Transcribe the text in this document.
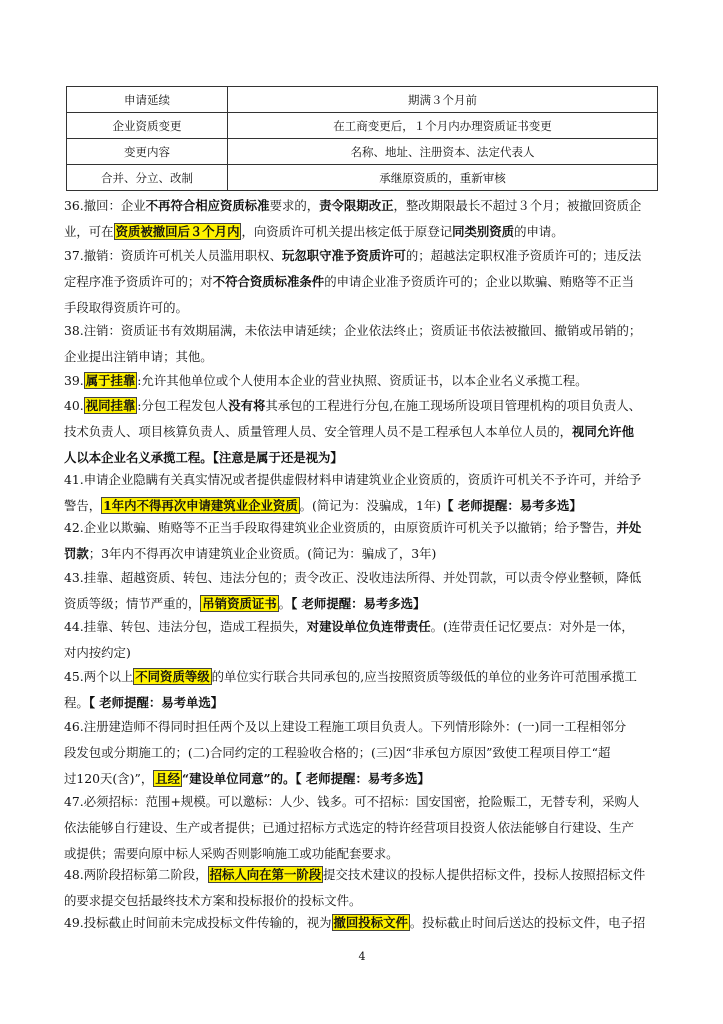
申请延续	期满３个月前
企业资质变更	在工商变更后，１个月内办理资质证书变更
变更内容	名称、地址、注册资本、法定代表人
合并、分立、改制	承继原资质的，重新审核
36.撤回：企业不再符合相应资质标准要求的，责令限期改正，整改期限最长不超过３个月；被撤回资质企
业，可在 资质被撤回后３个月内 ，向资质许可机关提出核定低于原登记同类别资质的申请。
37.撤销：资质许可机关人员滥用职权、玩忽职守准予资质许可的；超越法定职权准予资质许可的；违反法
定程序准予资质许可的；对不符合资质标准条件的申请企业准予资质许可的；企业以欺骗、贿赂等不正当
手段取得资质许可的。
38.注销：资质证书有效期届满，未依法申请延续；企业依法终止；资质证书依法被撤回、撤销或吊销的；
企业提出注销申请；其他。
39. 属于挂靠 :允许其他单位或个人使用本企业的营业执照、资质证书，以本企业名义承揽工程。
40. 视同挂靠 :分包工程发包人没有将其承包的工程进行分包,在施工现场所设项目管理机构的项目负责人、
技术负责人、项目核算负责人、质量管理人员、安全管理人员不是工程承包人本单位人员的，视同允许他
人以本企业名义承揽工程。【注意是属于还是视为】
41.申请企业隐瞒有关真实情况或者提供虚假材料申请建筑业企业资质的，资质许可机关不予许可，并给予
警告， 1年内不得再次申请建筑业企业资质 。(简记为：没骗成，1年)【 老师提醒：易考多选】
42.企业以欺骗、贿赂等不正当手段取得建筑业企业资质的，由原资质许可机关予以撤销；给予警告，并处
罚款；3年内不得再次申请建筑业企业资质。(简记为：骗成了，3年)
43.挂靠、超越资质、转包、违法分包的；责令改正、没收违法所得、并处罚款，可以责令停业整顿，降低
资质等级；情节严重的， 吊销资质证书 。【 老师提醒：易考多选】
44.挂靠、转包、违法分包，造成工程损失，对建设单位负连带责任。(连带责任记忆要点：对外是一体，
对内按约定)
45.两个以上 不同资质等级 的单位实行联合共同承包的,应当按照资质等级低的单位的业务许可范围承揽工
程。【 老师提醒：易考单选】
46.注册建造师不得同时担任两个及以上建设工程施工项目负责人。下列情形除外：(一)同一工程相邻分
段发包或分期施工的；(二)合同约定的工程验收合格的；(三)因“非承包方原因”致使工程项目停工“超
过120天(含)”， 且经 “建设单位同意”的。【 老师提醒：易考多选】
47.必须招标：范围+规模。可以邀标：人少、钱多。可不招标：国安国密，抢险赈工，无替专利，采购人
依法能够自行建设、生产或者提供；已通过招标方式选定的特许经营项目投资人依法能够自行建设、生产
或提供；需要向原中标人采购否则影响施工或功能配套要求。
48.两阶段招标第二阶段， 招标人向在第一阶段 提交技术建议的投标人提供招标文件，投标人按照招标文件
的要求提交包括最终技术方案和投标报价的投标文件。
49.投标截止时间前未完成投标文件传输的，视为 撤回投标文件 。投标截止时间后送达的投标文件，电子招
4
